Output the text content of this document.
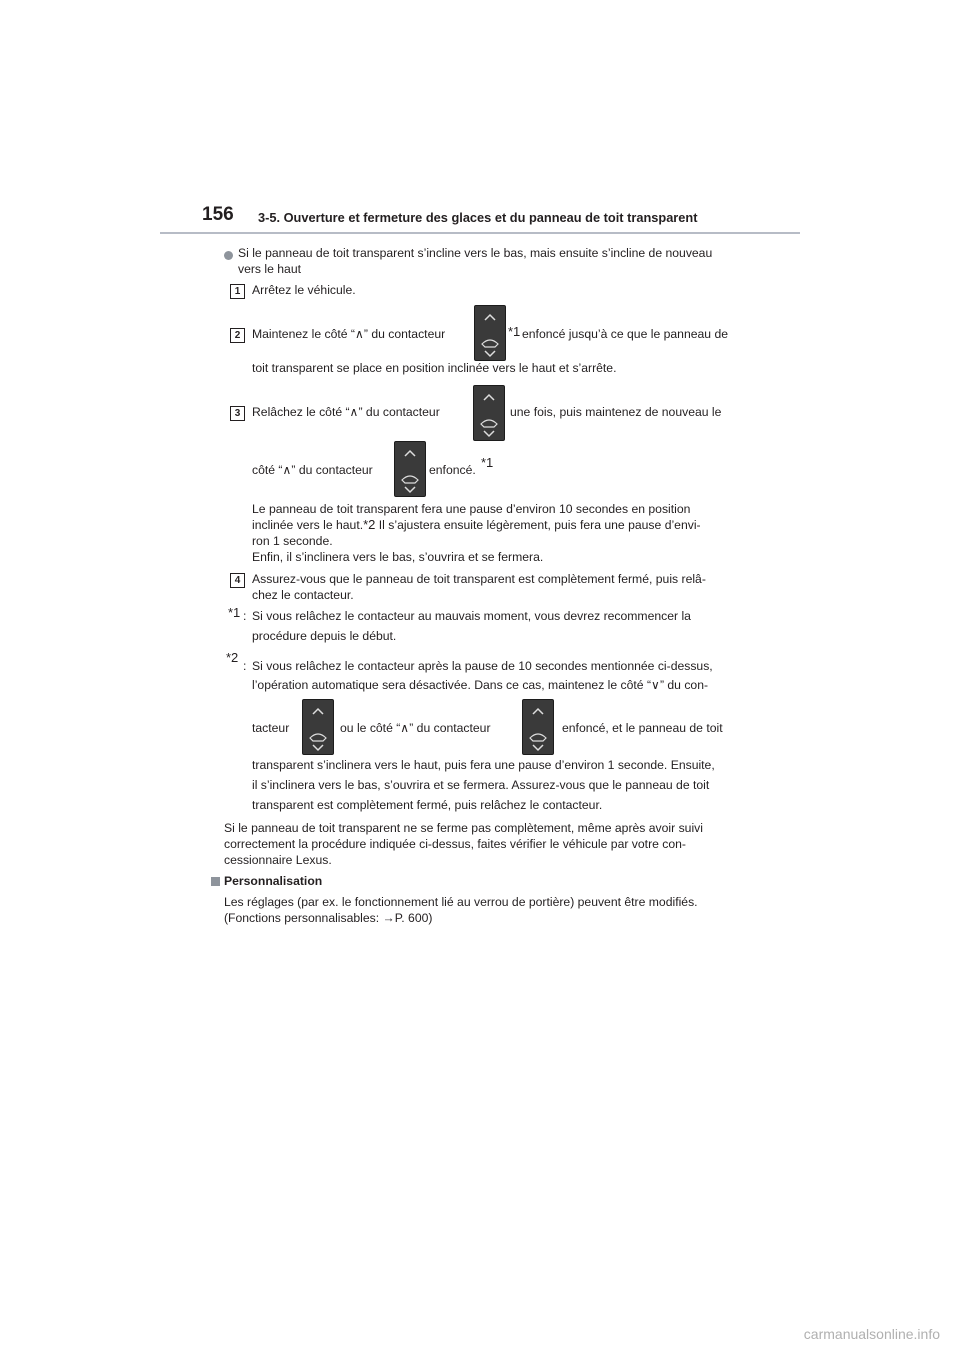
156 3-5. Ouverture et fermeture des glaces et du panneau de toit transparent
Si le panneau de toit transparent s’incline vers le bas, mais ensuite s’incline de nouveau
vers le haut
1 Arrêtez le véhicule.
2 Maintenez le côté “∧” du contacteur	*1 enfoncé jusqu’à ce que le panneau de
toit transparent se place en position inclinée vers le haut et s’arrête.
3 Relâchez le côté “∧” du contacteur	une fois, puis maintenez de nouveau le
côté “∧” du contacteur	enfoncé. *1
Le panneau de toit transparent fera une pause d’environ 10 secondes en position
inclinée vers le haut.*2 Il s’ajustera ensuite légèrement, puis fera une pause d’envi-
ron 1 seconde.
Enfin, il s’inclinera vers le bas, s’ouvrira et se fermera.
4 Assurez-vous que le panneau de toit transparent est complètement fermé, puis relâ-
chez le contacteur.
*1 : Si vous relâchez le contacteur au mauvais moment, vous devrez recommencer la
procédure depuis le début.
*2
: Si vous relâchez le contacteur après la pause de 10 secondes mentionnée ci-dessus,
l’opération automatique sera désactivée. Dans ce cas, maintenez le côté “∨” du con-
tacteur	ou le côté “∧” du contacteur	enfoncé, et le panneau de toit
transparent s’inclinera vers le haut, puis fera une pause d’environ 1 seconde. Ensuite,
il s’inclinera vers le bas, s’ouvrira et se fermera. Assurez-vous que le panneau de toit
transparent est complètement fermé, puis relâchez le contacteur.
Si le panneau de toit transparent ne se ferme pas complètement, même après avoir suivi
correctement la procédure indiquée ci-dessus, faites vérifier le véhicule par votre con-
cessionnaire Lexus.
Personnalisation
Les réglages (par ex. le fonctionnement lié au verrou de portière) peuvent être modifiés.
(Fonctions personnalisables: →P. 600)
carmanualsonline.info
